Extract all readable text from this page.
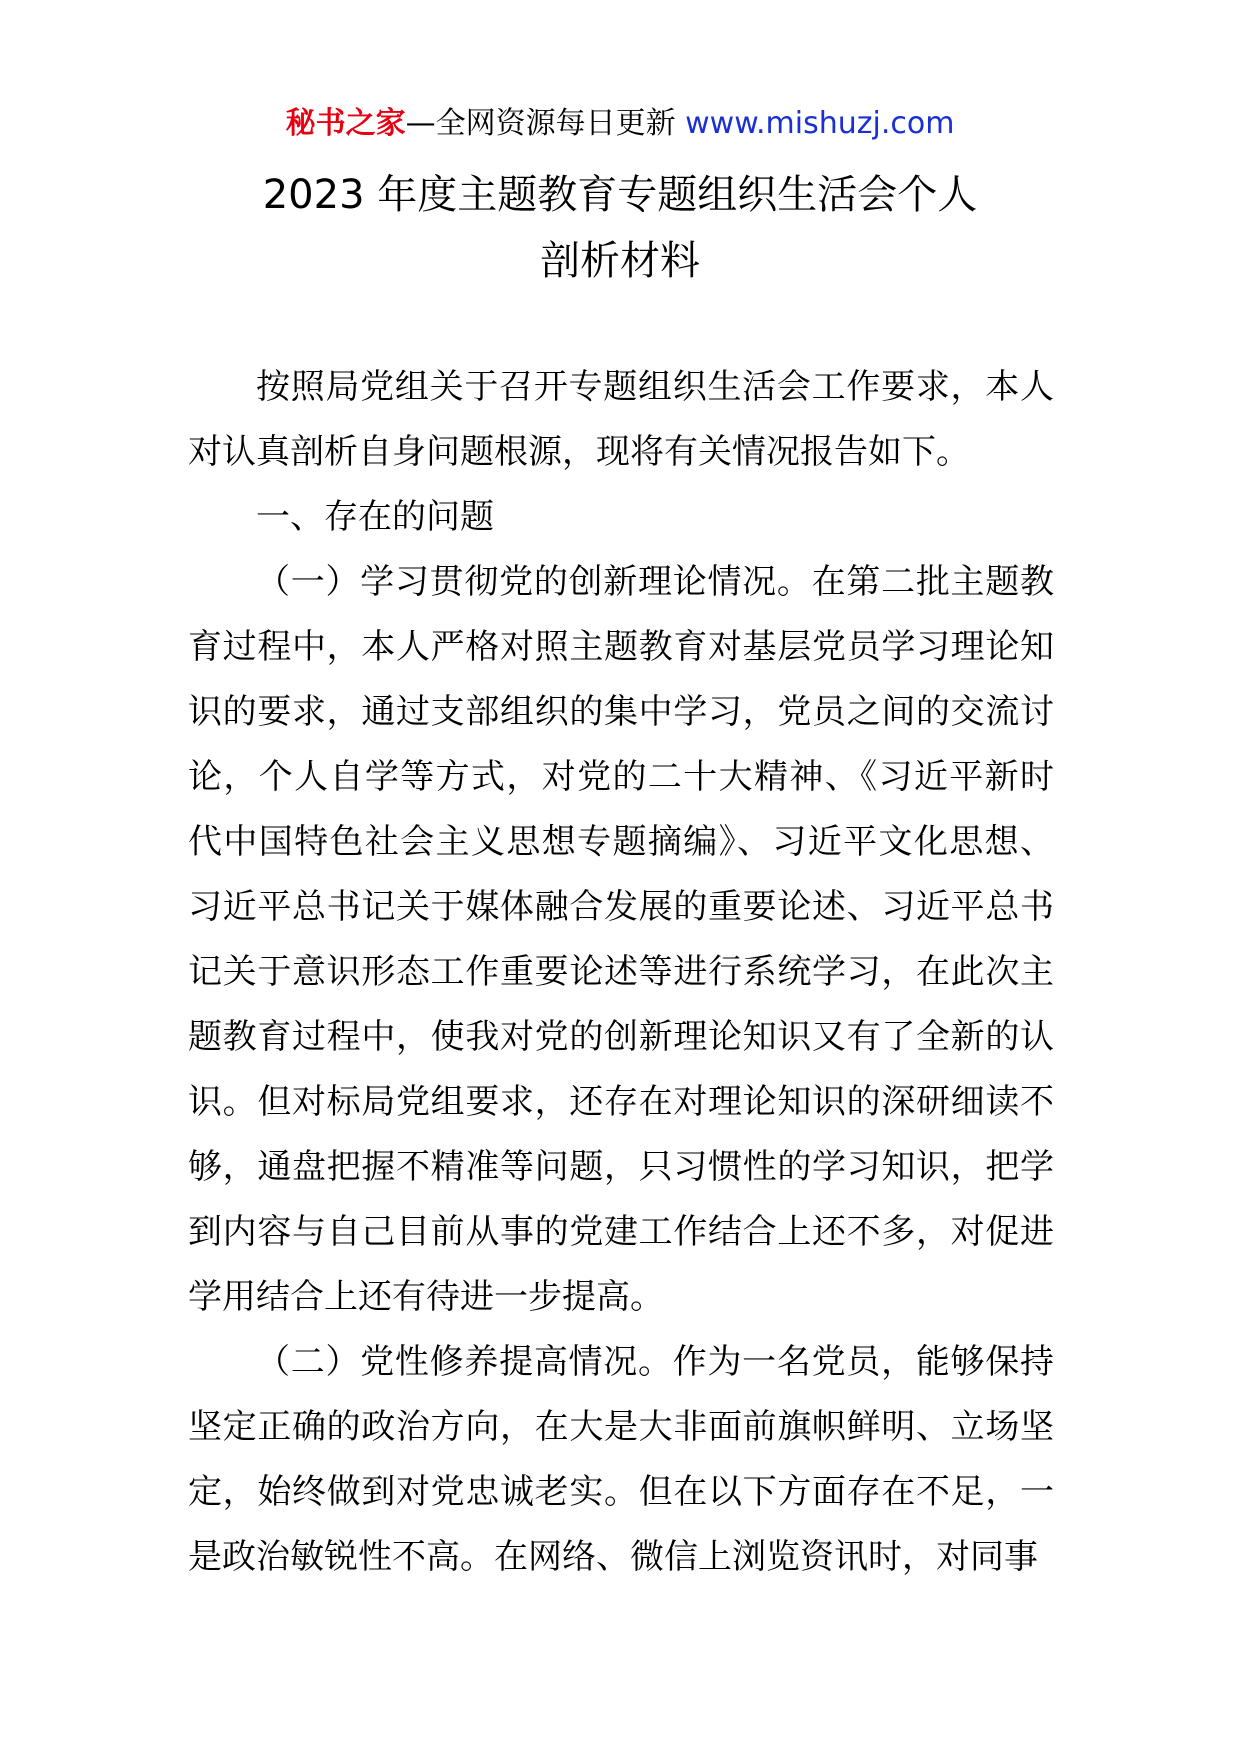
秘书之家—全网资源每日更新 www.mishuzj.com
2023 年度主题教育专题组织生活会个人
剖析材料

按照局党组关于召开专题组织生活会工作要求，本人对认真剖析自身问题根源，现将有关情况报告如下。

一、存在的问题

（一）学习贯彻党的创新理论情况。在第二批主题教育过程中，本人严格对照主题教育对基层党员学习理论知识的要求，通过支部组织的集中学习，党员之间的交流讨论，个人自学等方式，对党的二十大精神、《习近平新时代中国特色社会主义思想专题摘编》、习近平文化思想、习近平总书记关于媒体融合发展的重要论述、习近平总书记关于意识形态工作重要论述等进行系统学习，在此次主题教育过程中，使我对党的创新理论知识又有了全新的认识。但对标局党组要求，还存在对理论知识的深研细读不够，通盘把握不精准等问题，只习惯性的学习知识，把学到内容与自己目前从事的党建工作结合上还不多，对促进学用结合上还有待进一步提高。

（二）党性修养提高情况。作为一名党员，能够保持坚定正确的政治方向，在大是大非面前旗帜鲜明、立场坚定，始终做到对党忠诚老实。但在以下方面存在不足，一是政治敏锐性不高。在网络、微信上浏览资讯时，对同事
